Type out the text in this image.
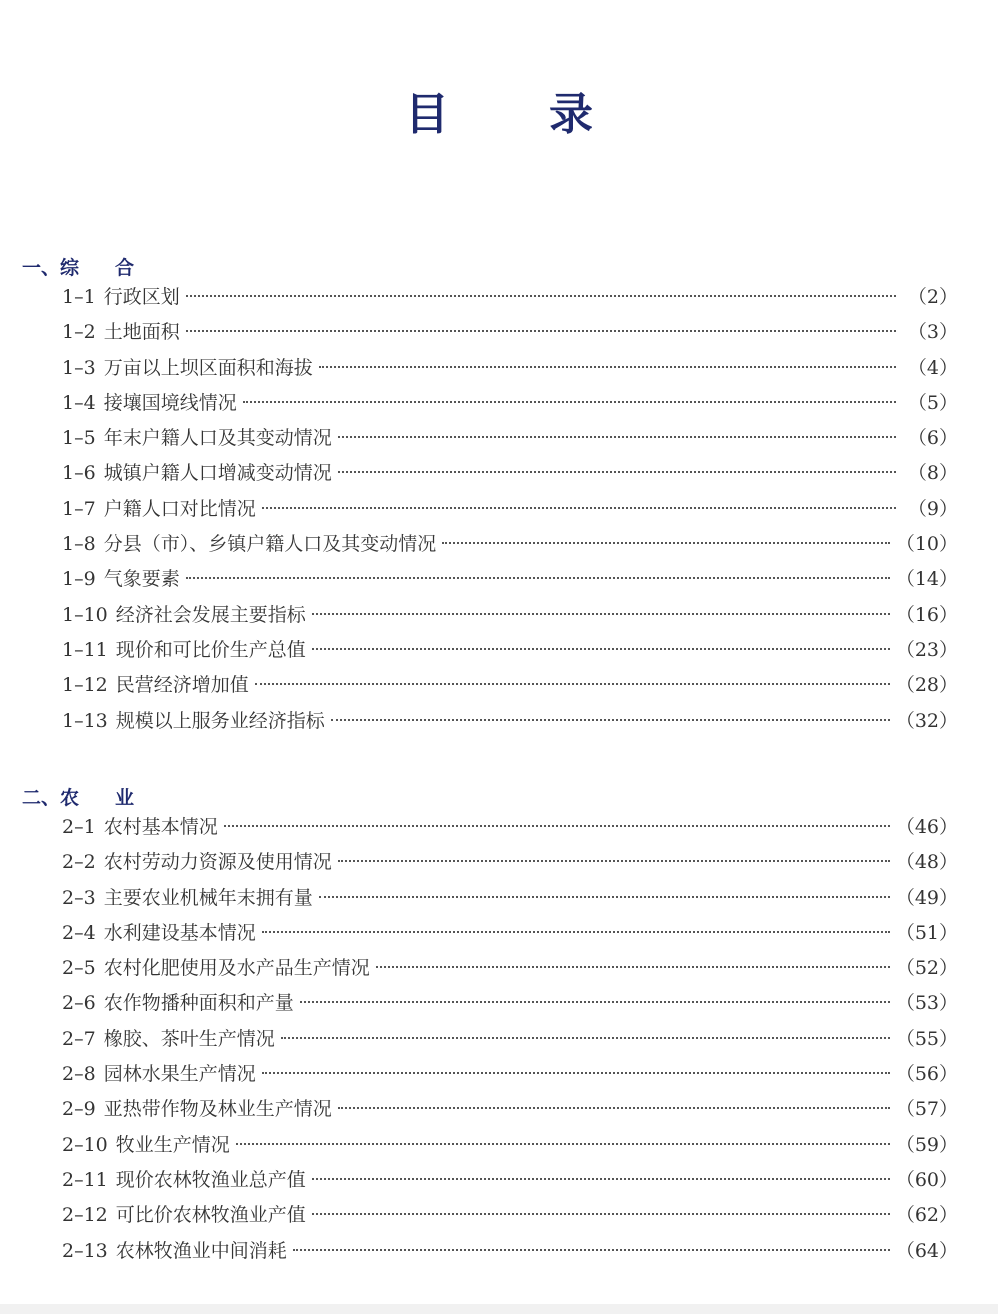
目 录
一、综 合
1–1 行政区划	（2）
1–2 土地面积	（3）
1–3 万亩以上坝区面积和海拔	（4）
1–4 接壤国境线情况	（5）
1–5 年末户籍人口及其变动情况	（6）
1–6 城镇户籍人口增减变动情况	（8）
1–7 户籍人口对比情况	（9）
1–8 分县（市）、乡镇户籍人口及其变动情况	（10）
1–9 气象要素	（14）
1–10 经济社会发展主要指标	（16）
1–11 现价和可比价生产总值	（23）
1–12 民营经济增加值	（28）
1–13 规模以上服务业经济指标	（32）
二、农 业
2–1 农村基本情况	（46）
2–2 农村劳动力资源及使用情况	（48）
2–3 主要农业机械年末拥有量	（49）
2–4 水利建设基本情况	（51）
2–5 农村化肥使用及水产品生产情况	（52）
2–6 农作物播种面积和产量	（53）
2–7 橡胶、茶叶生产情况	（55）
2–8 园林水果生产情况	（56）
2–9 亚热带作物及林业生产情况	（57）
2–10 牧业生产情况	（59）
2–11 现价农林牧渔业总产值	（60）
2–12 可比价农林牧渔业产值	（62）
2–13 农林牧渔业中间消耗	（64）
